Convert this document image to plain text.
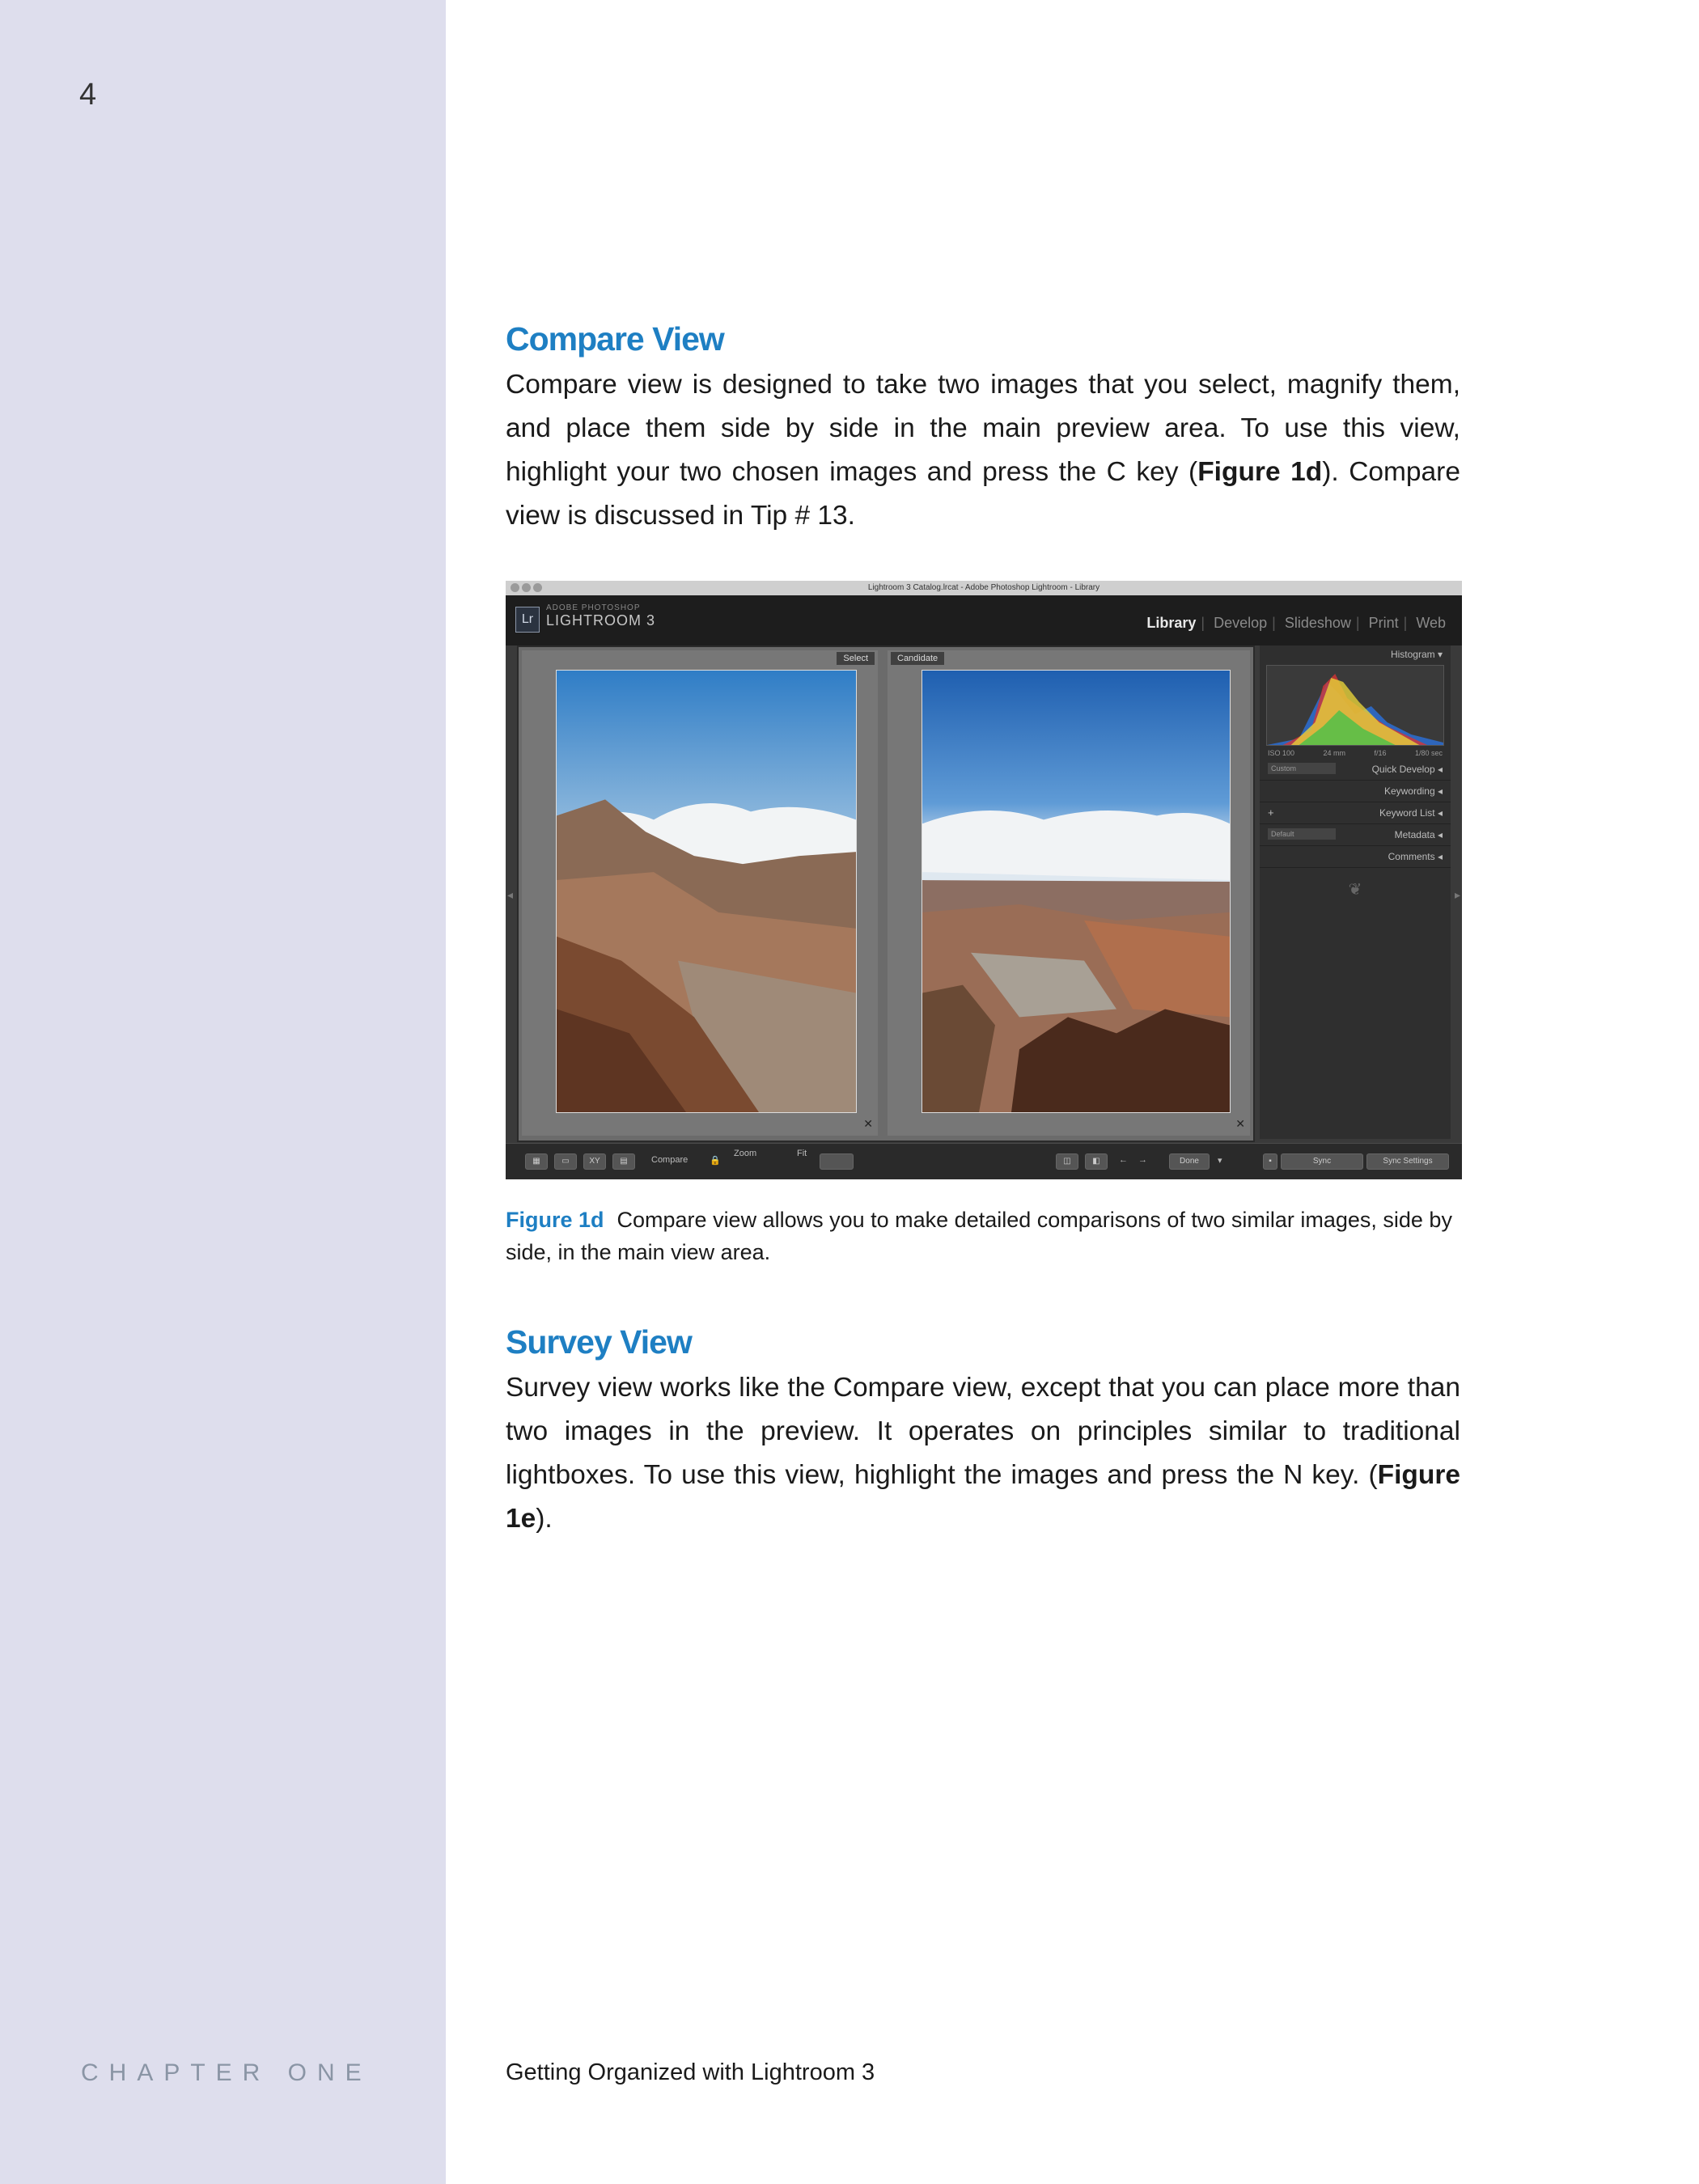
4
CHAPTER ONE
Compare View

Compare view is designed to take two images that you select, magnify them, and place them side by side in the main preview area. To use this view, highlight your two chosen images and press the C key (Figure 1d). Compare view is discussed in Tip # 13.

Lightroom 3 Catalog.lrcat - Adobe Photoshop Lightroom - Library
Lr
ADOBE PHOTOSHOP
LIGHTROOM 3	Library | Develop | Slideshow | Print | Web
◂
Select
✕
Candidate
✕
Histogram ▾
ISO 100	24 mm	f/16	1/80 sec
Custom	Quick Develop ◂
Keywording ◂
+	Keyword List ◂
Default	Metadata ◂
Comments ◂
❦	▸
▦	▭	XY	▤	Compare 🔒
Zoom	Fit
◫	◧	← →	Done	▾	▪	Sync	Sync Settings
Figure 1d Compare view allows you to make detailed comparisons of two similar images, side by side, in the main view area.
Survey View

Survey view works like the Compare view, except that you can place more than two images in the preview. It operates on principles similar to traditional lightboxes. To use this view, highlight the images and press the N key. (Figure 1e).

Getting Organized with Lightroom 3
